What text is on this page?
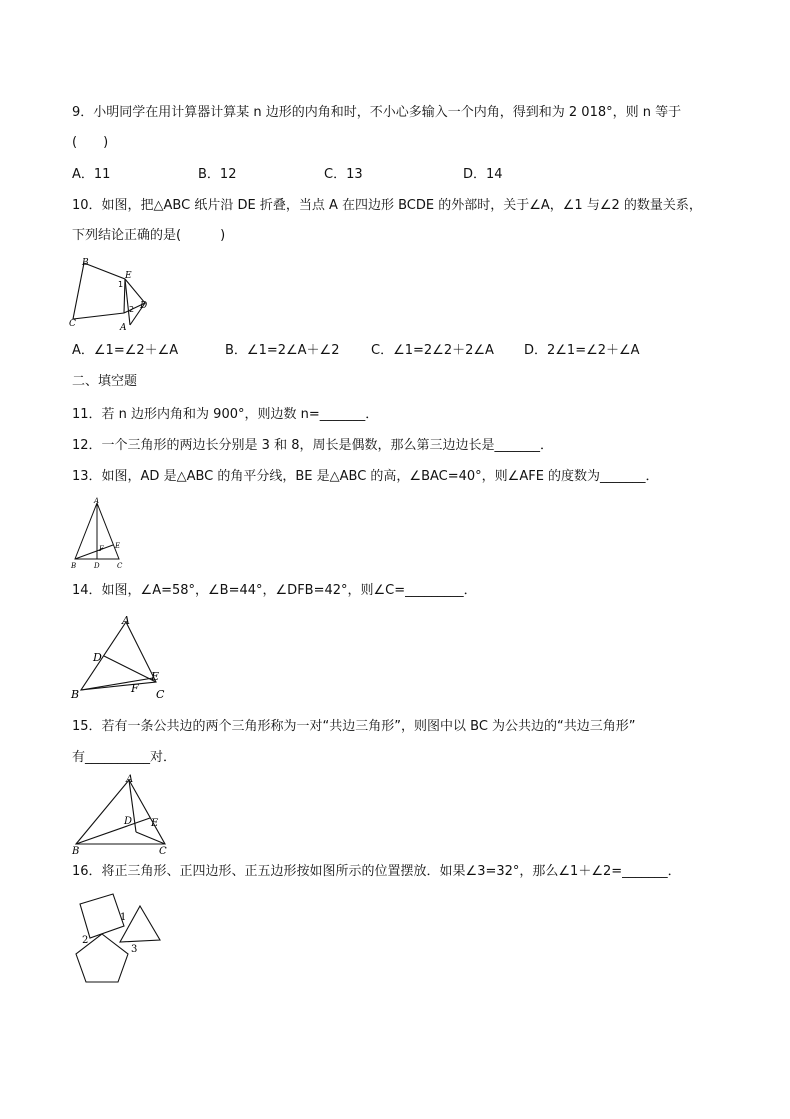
9．小明同学在用计算器计算某 n 边形的内角和时，不小心多输入一个内角，得到和为 2 018°，则 n 等于
(　　)
A．11	B．12	C．13	D．14
10．如图，把△ABC 纸片沿 DE 折叠，当点 A 在四边形 BCDE 的外部时，关于∠A，∠1 与∠2 的数量关系，
下列结论正确的是(　　　)
B
E
1
D
2
C	A
A．∠1=∠2＋∠A	B．∠1=2∠A＋∠2 C．∠1=2∠2＋2∠A D．2∠1=∠2＋∠A
二、填空题
11．若 n 边形内角和为 900°，则边数 n=_______．
12．一个三角形的两边长分别是 3 和 8，周长是偶数，那么第三边边长是_______．
13．如图，AD 是△ABC 的角平分线，BE 是△ABC 的高，∠BAC=40°，则∠AFE 的度数为_______．
A
F E
B	D C
14．如图，∠A=58°，∠B=44°，∠DFB=42°，则∠C=_________．
A
D
E
F
B	C
15．若有一条公共边的两个三角形称为一对“共边三角形”，则图中以 BC 为公共边的“共边三角形”
有__________对．
A
E
D
B	C
16．将正三角形、正四边形、正五边形按如图所示的位置摆放．如果∠3=32°，那么∠1＋∠2=_______．
1
2
3
